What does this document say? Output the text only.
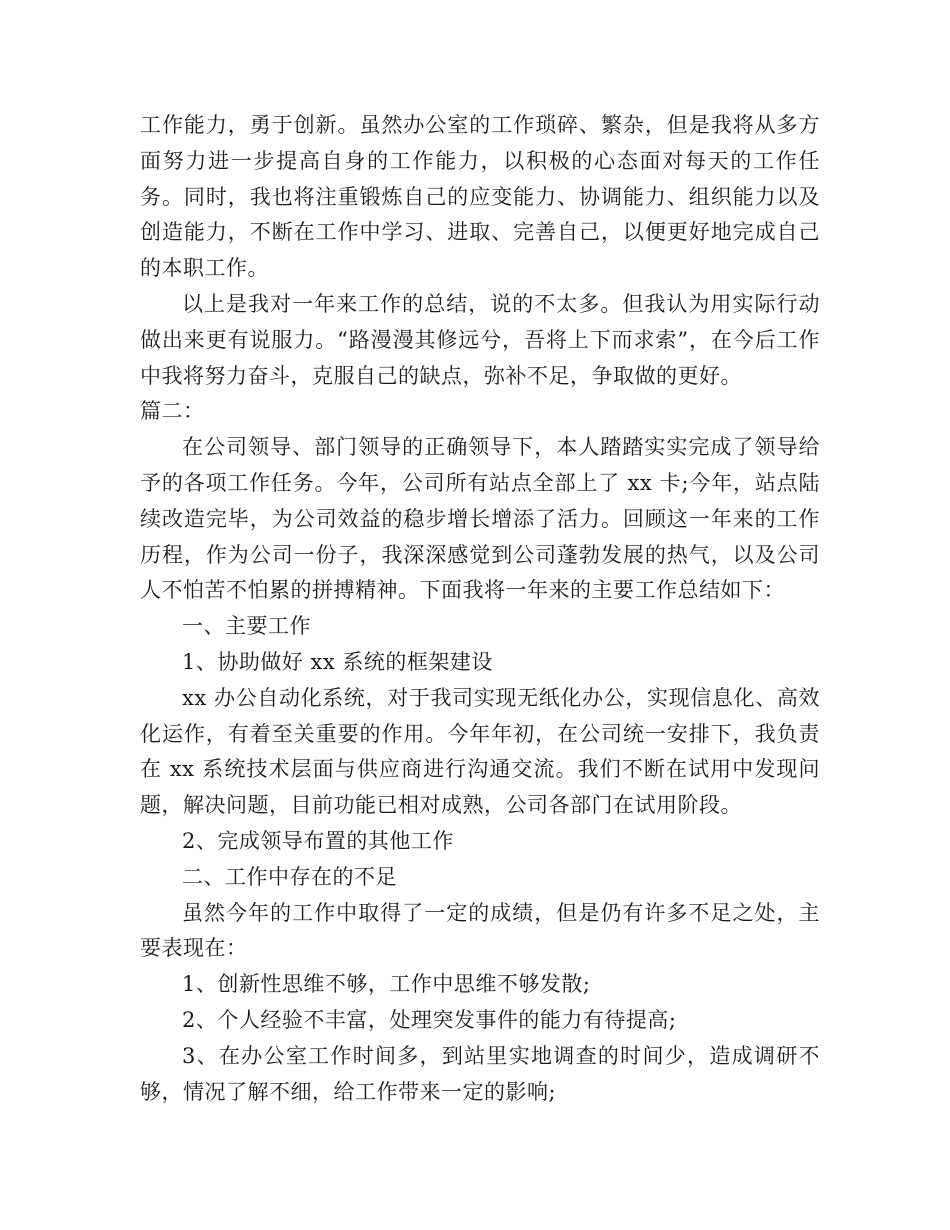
工作能力，勇于创新。虽然办公室的工作琐碎、繁杂，但是我将从多方面努力进一步提高自身的工作能力，以积极的心态面对每天的工作任务。同时，我也将注重锻炼自己的应变能力、协调能力、组织能力以及创造能力，不断在工作中学习、进取、完善自己，以便更好地完成自己的本职工作。

以上是我对一年来工作的总结，说的不太多。但我认为用实际行动做出来更有说服力。“路漫漫其修远兮，吾将上下而求索”，在今后工作中我将努力奋斗，克服自己的缺点，弥补不足，争取做的更好。

篇二：

在公司领导、部门领导的正确领导下，本人踏踏实实完成了领导给予的各项工作任务。今年，公司所有站点全部上了 xx 卡;今年，站点陆续改造完毕，为公司效益的稳步增长增添了活力。回顾这一年来的工作历程，作为公司一份子，我深深感觉到公司蓬勃发展的热气，以及公司人不怕苦不怕累的拼搏精神。下面我将一年来的主要工作总结如下：

一、主要工作

1、协助做好 xx 系统的框架建设

xx 办公自动化系统，对于我司实现无纸化办公，实现信息化、高效化运作，有着至关重要的作用。今年年初，在公司统一安排下，我负责在 xx 系统技术层面与供应商进行沟通交流。我们不断在试用中发现问题，解决问题，目前功能已相对成熟，公司各部门在试用阶段。

2、完成领导布置的其他工作

二、工作中存在的不足

虽然今年的工作中取得了一定的成绩，但是仍有许多不足之处，主要表现在：

1、创新性思维不够，工作中思维不够发散;

2、个人经验不丰富，处理突发事件的能力有待提高;

3、在办公室工作时间多，到站里实地调查的时间少，造成调研不够，情况了解不细，给工作带来一定的影响;
